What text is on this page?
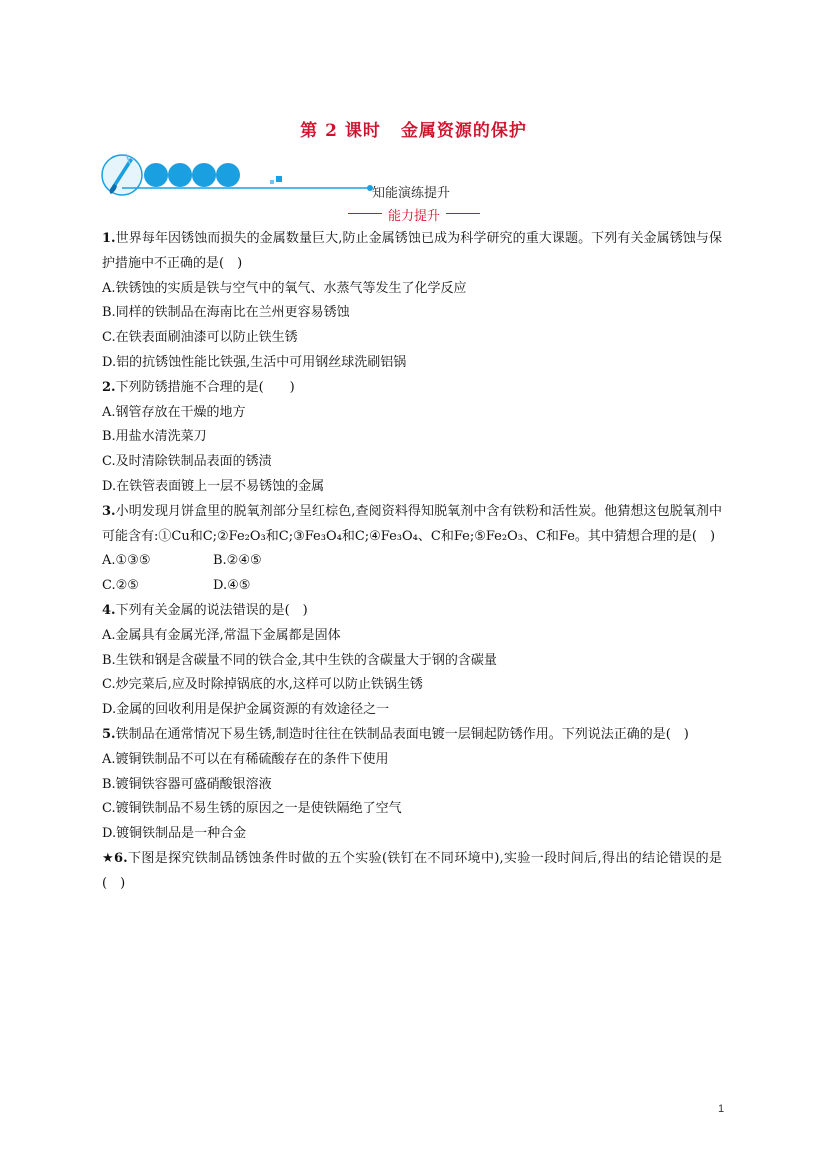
第 2 课时 金属资源的保护
知能演练提升
能力提升

1.世界每年因锈蚀而损失的金属数量巨大,防止金属锈蚀已成为科学研究的重大课题。下列有关金属锈蚀与保护措施中不正确的是(　)

A.铁锈蚀的实质是铁与空气中的氧气、水蒸气等发生了化学反应

B.同样的铁制品在海南比在兰州更容易锈蚀

C.在铁表面刷油漆可以防止铁生锈

D.铝的抗锈蚀性能比铁强,生活中可用钢丝球洗刷铝锅

2.下列防锈措施不合理的是(　　)

A.钢管存放在干燥的地方

B.用盐水清洗菜刀

C.及时清除铁制品表面的锈渍

D.在铁管表面镀上一层不易锈蚀的金属

3.小明发现月饼盒里的脱氧剂部分呈红棕色,查阅资料得知脱氧剂中含有铁粉和活性炭。他猜想这包脱氧剂中可能含有:①Cu和C;②Fe₂O₃和C;③Fe₃O₄和C;④Fe₃O₄、C和Fe;⑤Fe₂O₃、C和Fe。其中猜想合理的是(　)

A.①③⑤	B.②④⑤

C.②⑤	D.④⑤

4.下列有关金属的说法错误的是(　)

A.金属具有金属光泽,常温下金属都是固体

B.生铁和钢是含碳量不同的铁合金,其中生铁的含碳量大于钢的含碳量

C.炒完菜后,应及时除掉锅底的水,这样可以防止铁锅生锈

D.金属的回收利用是保护金属资源的有效途径之一

5.铁制品在通常情况下易生锈,制造时往往在铁制品表面电镀一层铜起防锈作用。下列说法正确的是(　)

A.镀铜铁制品不可以在有稀硫酸存在的条件下使用

B.镀铜铁容器可盛硝酸银溶液

C.镀铜铁制品不易生锈的原因之一是使铁隔绝了空气

D.镀铜铁制品是一种合金

★6.下图是探究铁制品锈蚀条件时做的五个实验(铁钉在不同环境中),实验一段时间后,得出的结论错误的是(　)

1
